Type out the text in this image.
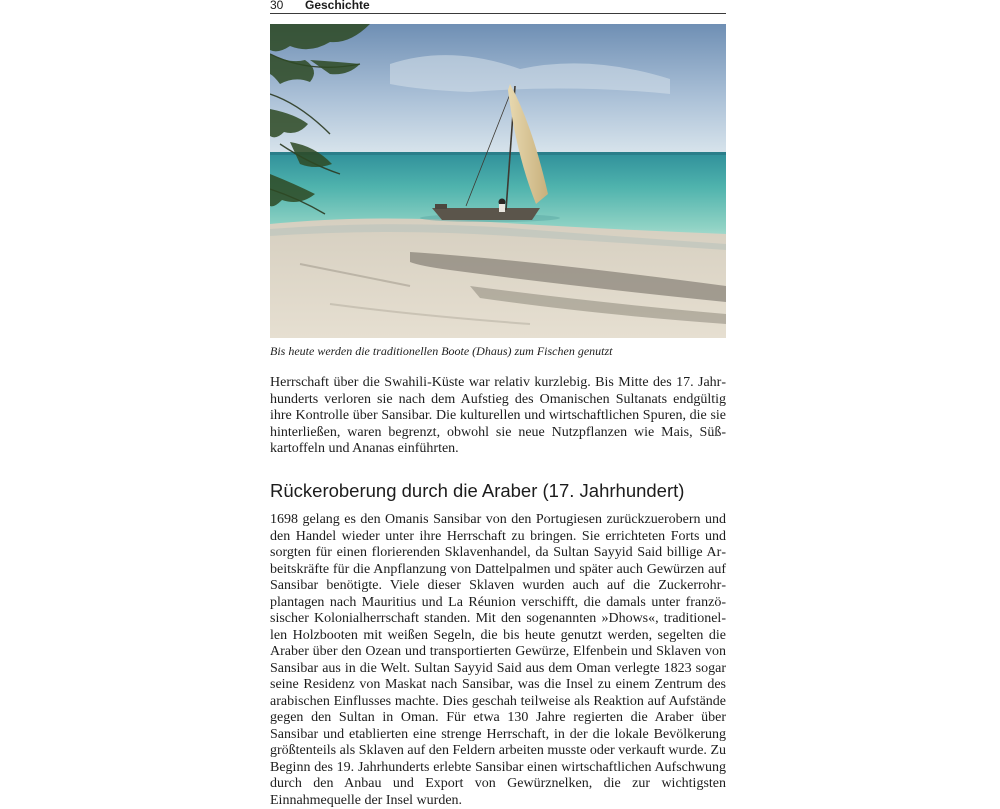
30 Geschichte
Bis heute werden die traditionellen Boote (Dhaus) zum Fischen genutzt

Herrschaft über die Swahili-Küste war relativ kurzlebig. Bis Mitte des 17. Jahrhunderts verloren sie nach dem Aufstieg des Omanischen Sultanats endgültig ihre Kontrolle über Sansibar. Die kulturellen und wirtschaftlichen Spuren, die sie hinterließen, waren begrenzt, obwohl sie neue Nutzpflanzen wie Mais, Süßkartoffeln und Ananas einführten.

Rückeroberung durch die Araber (17. Jahrhundert)

1698 gelang es den Omanis Sansibar von den Portugiesen zurückzuerobern und den Handel wieder unter ihre Herrschaft zu bringen. Sie errichteten Forts und sorgten für einen florierenden Sklavenhandel, da Sultan Sayyid Said billige Arbeitskräfte für die Anpflanzung von Dattelpalmen und später auch Gewürzen auf Sansibar benötigte. Viele dieser Sklaven wurden auch auf die Zuckerrohrplantagen nach Mauritius und La Réunion verschifft, die damals unter französischer Kolonialherrschaft standen. Mit den sogenannten »Dhows«, traditionellen Holzbooten mit weißen Segeln, die bis heute genutzt werden, segelten die Araber über den Ozean und transportierten Gewürze, Elfenbein und Sklaven von Sansibar aus in die Welt. Sultan Sayyid Said aus dem Oman verlegte 1823 sogar seine Residenz von Maskat nach Sansibar, was die Insel zu einem Zentrum des arabischen Einflusses machte. Dies geschah teilweise als Reaktion auf Aufstände gegen den Sultan in Oman. Für etwa 130 Jahre regierten die Araber über Sansibar und etablierten eine strenge Herrschaft, in der die lokale Bevölkerung größtenteils als Sklaven auf den Feldern arbeiten musste oder verkauft wurde. Zu Beginn des 19. Jahrhunderts erlebte Sansibar einen wirtschaftlichen Aufschwung durch den Anbau und Export von Gewürznelken, die zur wichtigsten Einnahmequelle der Insel wurden.
